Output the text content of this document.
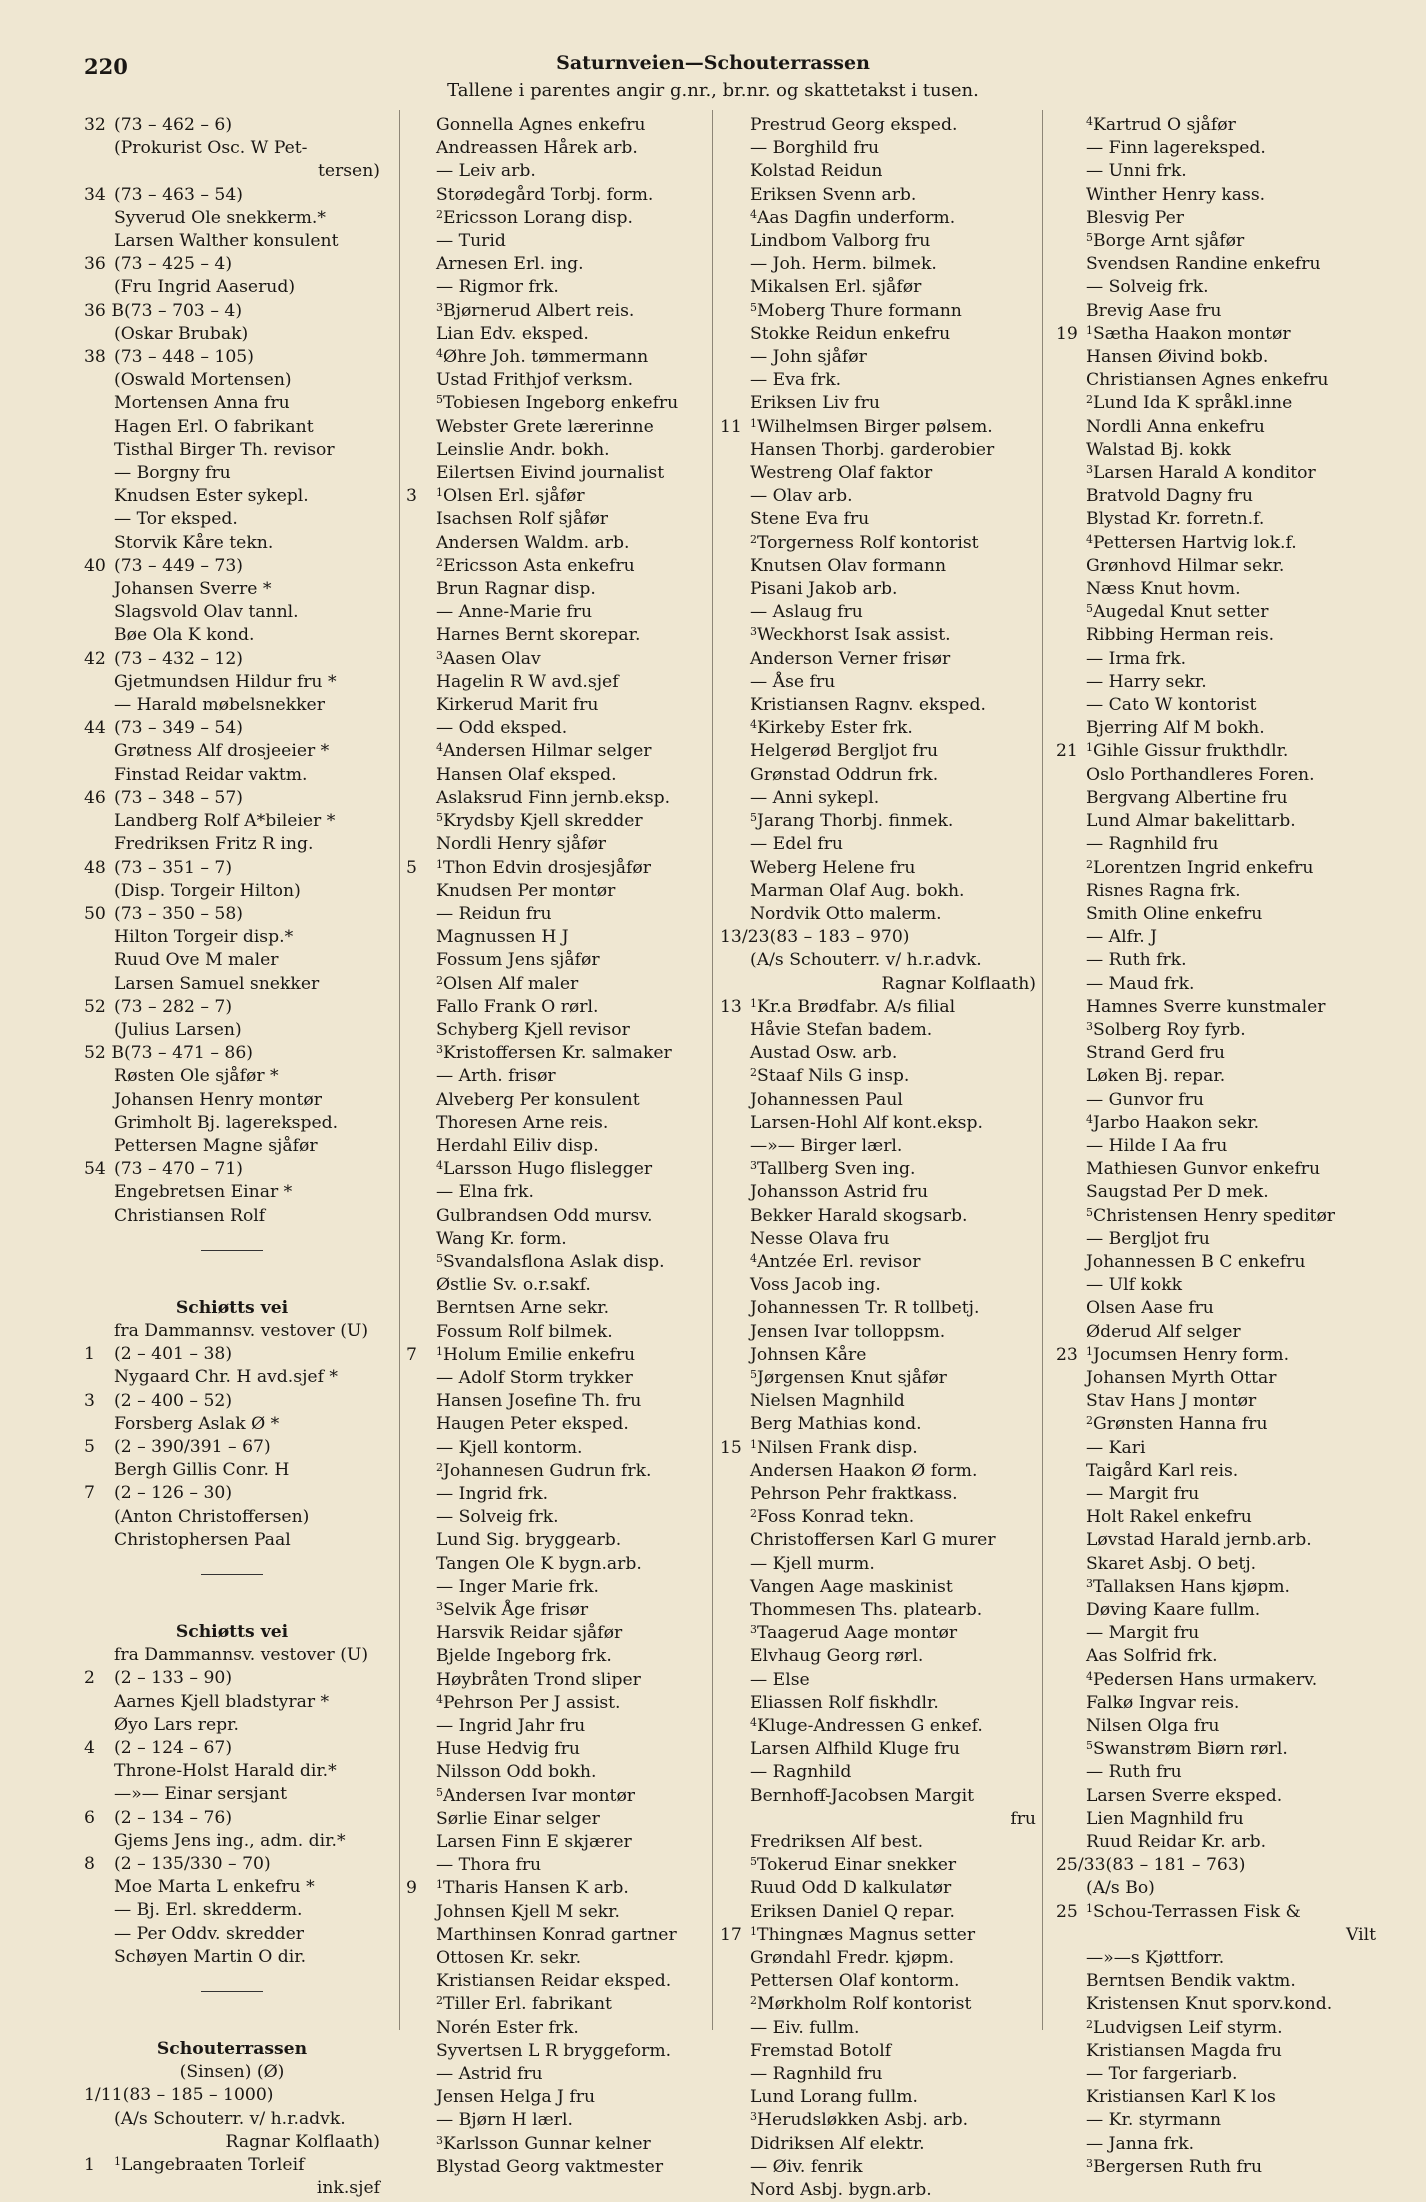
220	Saturnveien—Schouterrassen
Tallene i parentes angir g.nr., br.nr. og skattetakst i tusen.
32(73 – 462 – 6)
(Prokurist Osc. W Pet-
tersen)
34(73 – 463 – 54)
Syverud Ole snekkerm.*
Larsen Walther konsulent
36(73 – 425 – 4)
(Fru Ingrid Aaserud)
36 B(73 – 703 – 4)
(Oskar Brubak)
38(73 – 448 – 105)
(Oswald Mortensen)
Mortensen Anna fru
Hagen Erl. O fabrikant
Tisthal Birger Th. revisor
— Borgny fru
Knudsen Ester sykepl.
— Tor eksped.
Storvik Kåre tekn.
40(73 – 449 – 73)
Johansen Sverre *
Slagsvold Olav tannl.
Bøe Ola K kond.
42(73 – 432 – 12)
Gjetmundsen Hildur fru *
— Harald møbelsnekker
44(73 – 349 – 54)
Grøtness Alf drosjeeier *
Finstad Reidar vaktm.
46(73 – 348 – 57)
Landberg Rolf A*bileier *
Fredriksen Fritz R ing.
48(73 – 351 – 7)
(Disp. Torgeir Hilton)
50(73 – 350 – 58)
Hilton Torgeir disp.*
Ruud Ove M maler
Larsen Samuel snekker
52(73 – 282 – 7)
(Julius Larsen)
52 B(73 – 471 – 86)
Røsten Ole sjåfør *
Johansen Henry montør
Grimholt Bj. lagereksped.
Pettersen Magne sjåfør
54(73 – 470 – 71)
Engebretsen Einar *
Christiansen Rolf
Schiøtts vei
fra Dammannsv. vestover (U)
1(2 – 401 – 38)
Nygaard Chr. H avd.sjef *
3(2 – 400 – 52)
Forsberg Aslak Ø *
5(2 – 390/391 – 67)
Bergh Gillis Conr. H
7(2 – 126 – 30)
(Anton Christoffersen)
Christophersen Paal
Schiøtts vei
fra Dammannsv. vestover (U)
2(2 – 133 – 90)
Aarnes Kjell bladstyrar *
Øyo Lars repr.
4(2 – 124 – 67)
Throne-Holst Harald dir.*
—»— Einar sersjant
6(2 – 134 – 76)
Gjems Jens ing., adm. dir.*
8(2 – 135/330 – 70)
Moe Marta L enkefru *
— Bj. Erl. skredderm.
— Per Oddv. skredder
Schøyen Martin O dir.
Schouterrassen
(Sinsen) (Ø)
1/11(83 – 185 – 1000)
(A/s Schouterr. v/ h.r.advk.
Ragnar Kolflaath)
$1^1Langebraaten$ Torleif
ink.sjef
Gonnella Agnes enkefru
Andreassen Hårek arb.
— Leiv arb.
Storødegård Torbj. form.
$^2$Ericsson Lorang disp.
— Turid
Arnesen Erl. ing.
— Rigmor frk.
$^3$Bjørnerud Albert reis.
Lian Edv. eksped.
$^4$Øhre Joh. tømmermann
Ustad Frithjof verksm.
$^5$Tobiesen Ingeborg enkefru
Webster Grete lærerinne
Leinslie Andr. bokh.
Eilertsen Eivind journalist
$3^1Olsen$ Erl. sjåfør
Isachsen Rolf sjåfør
Andersen Waldm. arb.
$^2$Ericsson Asta enkefru
Brun Ragnar disp.
— Anne-Marie fru
Harnes Bernt skorepar.
$^3$Aasen Olav
Hagelin R W avd.sjef
Kirkerud Marit fru
— Odd eksped.
$^4$Andersen Hilmar selger
Hansen Olaf eksped.
Aslaksrud Finn jernb.eksp.
$^5$Krydsby Kjell skredder
Nordli Henry sjåfør
$5^1Thon$ Edvin drosjesjåfør
Knudsen Per montør
— Reidun fru
Magnussen H J
Fossum Jens sjåfør
$^2$Olsen Alf maler
Fallo Frank O rørl.
Schyberg Kjell revisor
$^3$Kristoffersen Kr. salmaker
— Arth. frisør
Alveberg Per konsulent
Thoresen Arne reis.
Herdahl Eiliv disp.
$^4$Larsson Hugo flislegger
— Elna frk.
Gulbrandsen Odd mursv.
Wang Kr. form.
$^5$Svandalsflona Aslak disp.
Østlie Sv. o.r.sakf.
Berntsen Arne sekr.
Fossum Rolf bilmek.
$7^1Holum$ Emilie enkefru
— Adolf Storm trykker
Hansen Josefine Th. fru
Haugen Peter eksped.
— Kjell kontorm.
$^2$Johannesen Gudrun frk.
— Ingrid frk.
— Solveig frk.
Lund Sig. bryggearb.
Tangen Ole K bygn.arb.
— Inger Marie frk.
$^3$Selvik Åge frisør
Harsvik Reidar sjåfør
Bjelde Ingeborg frk.
Høybråten Trond sliper
$^4$Pehrson Per J assist.
— Ingrid Jahr fru
Huse Hedvig fru
Nilsson Odd bokh.
$^5$Andersen Ivar montør
Sørlie Einar selger
Larsen Finn E skjærer
— Thora fru
$9^1Tharis$ Hansen K arb.
Johnsen Kjell M sekr.
Marthinsen Konrad gartner
Ottosen Kr. sekr.
Kristiansen Reidar eksped.
$^2$Tiller Erl. fabrikant
Norén Ester frk.
Syvertsen L R bryggeform.
— Astrid fru
Jensen Helga J fru
— Bjørn H lærl.
$^3$Karlsson Gunnar kelner
Blystad Georg vaktmester
Prestrud Georg eksped.
— Borghild fru
Kolstad Reidun
Eriksen Svenn arb.
$^4$Aas Dagfin underform.
Lindbom Valborg fru
— Joh. Herm. bilmek.
Mikalsen Erl. sjåfør
$^5$Moberg Thure formann
Stokke Reidun enkefru
— John sjåfør
— Eva frk.
Eriksen Liv fru
$11^1Wilhelmsen$ Birger pølsem.
Hansen Thorbj. garderobier
Westreng Olaf faktor
— Olav arb.
Stene Eva fru
$^2$Torgerness Rolf kontorist
Knutsen Olav formann
Pisani Jakob arb.
— Aslaug fru
$^3$Weckhorst Isak assist.
Anderson Verner frisør
— Åse fru
Kristiansen Ragnv. eksped.
$^4$Kirkeby Ester frk.
Helgerød Bergljot fru
Grønstad Oddrun frk.
— Anni sykepl.
$^5$Jarang Thorbj. finmek.
— Edel fru
Weberg Helene fru
Marman Olaf Aug. bokh.
Nordvik Otto malerm.
13/23(83 – 183 – 970)
(A/s Schouterr. v/ h.r.advk.
Ragnar Kolflaath)
$13^1Kr.a$ Brødfabr. A/s filial
Håvie Stefan badem.
Austad Osw. arb.
$^2$Staaf Nils G insp.
Johannessen Paul
Larsen-Hohl Alf kont.eksp.
—»— Birger lærl.
$^3$Tallberg Sven ing.
Johansson Astrid fru
Bekker Harald skogsarb.
Nesse Olava fru
$^4$Antzée Erl. revisor
Voss Jacob ing.
Johannessen Tr. R tollbetj.
Jensen Ivar tolloppsm.
Johnsen Kåre
$^5$Jørgensen Knut sjåfør
Nielsen Magnhild
Berg Mathias kond.
$15^1Nilsen$ Frank disp.
Andersen Haakon Ø form.
Pehrson Pehr fraktkass.
$^2$Foss Konrad tekn.
Christoffersen Karl G murer
— Kjell murm.
Vangen Aage maskinist
Thommesen Ths. platearb.
$^3$Taagerud Aage montør
Elvhaug Georg rørl.
— Else
Eliassen Rolf fiskhdlr.
$^4$Kluge-Andressen G enkef.
Larsen Alfhild Kluge fru
— Ragnhild
Bernhoff-Jacobsen Margit
fru
Fredriksen Alf best.
$^5$Tokerud Einar snekker
Ruud Odd D kalkulatør
Eriksen Daniel Q repar.
$17^1Thingnæs$ Magnus setter
Grøndahl Fredr. kjøpm.
Pettersen Olaf kontorm.
$^2$Mørkholm Rolf kontorist
— Eiv. fullm.
Fremstad Botolf
— Ragnhild fru
Lund Lorang fullm.
$^3$Herudsløkken Asbj. arb.
Didriksen Alf elektr.
— Øiv. fenrik
Nord Asbj. bygn.arb.
$^4$Kartrud O sjåfør
— Finn lagereksped.
— Unni frk.
Winther Henry kass.
Blesvig Per
$^5$Borge Arnt sjåfør
Svendsen Randine enkefru
— Solveig frk.
Brevig Aase fru
$19^1Sætha$ Haakon montør
Hansen Øivind bokb.
Christiansen Agnes enkefru
$^2$Lund Ida K språkl.inne
Nordli Anna enkefru
Walstad Bj. kokk
$^3$Larsen Harald A konditor
Bratvold Dagny fru
Blystad Kr. forretn.f.
$^4$Pettersen Hartvig lok.f.
Grønhovd Hilmar sekr.
Næss Knut hovm.
$^5$Augedal Knut setter
Ribbing Herman reis.
— Irma frk.
— Harry sekr.
— Cato W kontorist
Bjerring Alf M bokh.
$21^1Gihle$ Gissur frukthdlr.
Oslo Porthandleres Foren.
Bergvang Albertine fru
Lund Almar bakelittarb.
— Ragnhild fru
$^2$Lorentzen Ingrid enkefru
Risnes Ragna frk.
Smith Oline enkefru
— Alfr. J
— Ruth frk.
— Maud frk.
Hamnes Sverre kunstmaler
$^3$Solberg Roy fyrb.
Strand Gerd fru
Løken Bj. repar.
— Gunvor fru
$^4$Jarbo Haakon sekr.
— Hilde I Aa fru
Mathiesen Gunvor enkefru
Saugstad Per D mek.
$^5$Christensen Henry speditør
— Bergljot fru
Johannessen B C enkefru
— Ulf kokk
Olsen Aase fru
Øderud Alf selger
$23^1Jocumsen$ Henry form.
Johansen Myrth Ottar
Stav Hans J montør
$^2$Grønsten Hanna fru
— Kari
Taigård Karl reis.
— Margit fru
Holt Rakel enkefru
Løvstad Harald jernb.arb.
Skaret Asbj. O betj.
$^3$Tallaksen Hans kjøpm.
Døving Kaare fullm.
— Margit fru
Aas Solfrid frk.
$^4$Pedersen Hans urmakerv.
Falkø Ingvar reis.
Nilsen Olga fru
$^5$Swanstrøm Biørn rørl.
— Ruth fru
Larsen Sverre eksped.
Lien Magnhild fru
Ruud Reidar Kr. arb.
25/33(83 – 181 – 763)
(A/s Bo)
$25^1Schou$-Terrassen Fisk &
Vilt
—»—s Kjøttforr.
Berntsen Bendik vaktm.
Kristensen Knut sporv.kond.
$^2$Ludvigsen Leif styrm.
Kristiansen Magda fru
— Tor fargeriarb.
Kristiansen Karl K los
— Kr. styrmann
— Janna frk.
$^3$Bergersen Ruth fru
